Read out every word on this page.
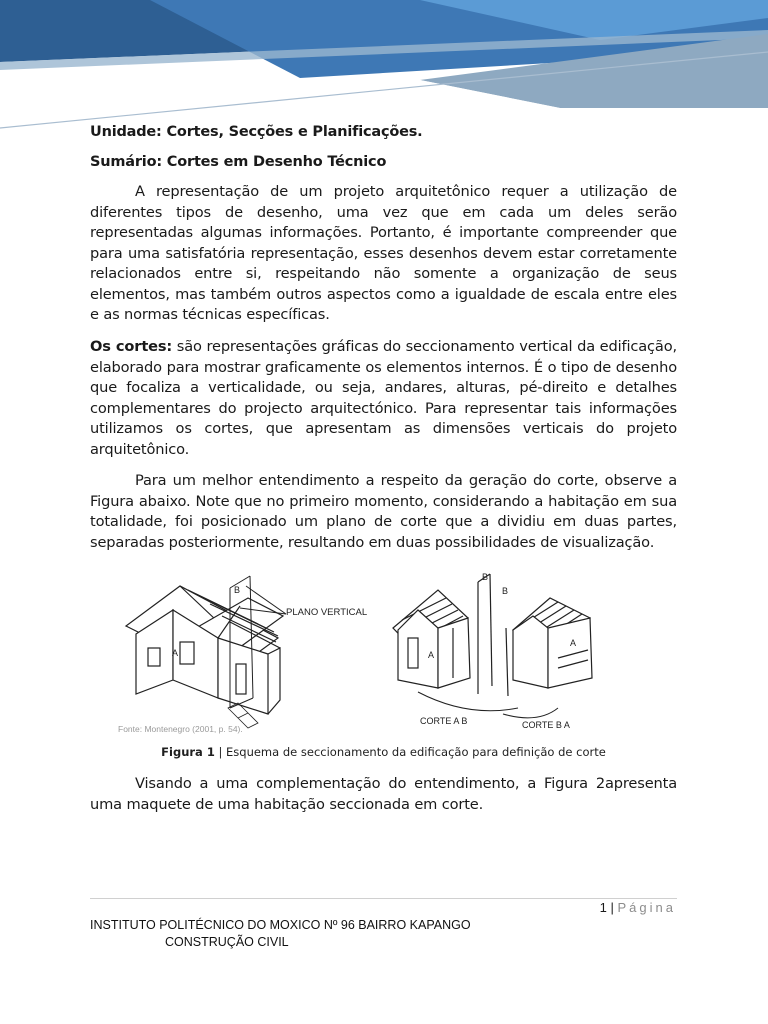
Unidade: Cortes, Secções e Planificações.

Sumário: Cortes em Desenho Técnico

A representação de um projeto arquitetônico requer a utilização de diferentes tipos de desenho, uma vez que em cada um deles serão representadas algumas informações. Portanto, é importante compreender que para uma satisfatória representação, esses desenhos devem estar corretamente relacionados entre si, respeitando não somente a organização de seus elementos, mas também outros aspectos como a igualdade de escala entre eles e as normas técnicas específicas.

Os cortes: são representações gráficas do seccionamento vertical da edificação, elaborado para mostrar graficamente os elementos internos. É o tipo de desenho que focaliza a verticalidade, ou seja, andares, alturas, pé-direito e detalhes complementares do projecto arquitectónico. Para representar tais informações utilizamos os cortes, que apresentam as dimensões verticais do projeto arquitetônico.

Para um melhor entendimento a respeito da geração do corte, observe a Figura abaixo. Note que no primeiro momento, considerando a habitação em sua totalidade, foi posicionado um plano de corte que a dividiu em duas partes, separadas posteriormente, resultando em duas possibilidades de visualização.

B
A
PLANO VERTICAL
A
B
B
A
CORTE A B	CORTE B A
Fonte: Montenegro (2001, p. 54).
Figura 1 | Esquema de seccionamento da edificação para definição de corte

Visando a uma complementação do entendimento, a Figura 2apresenta uma maquete de uma habitação seccionada em corte.

1 | Página
INSTITUTO POLITÉCNICO DO MOXICO Nº 96 BAIRRO KAPANGO
CONSTRUÇÃO CIVIL
